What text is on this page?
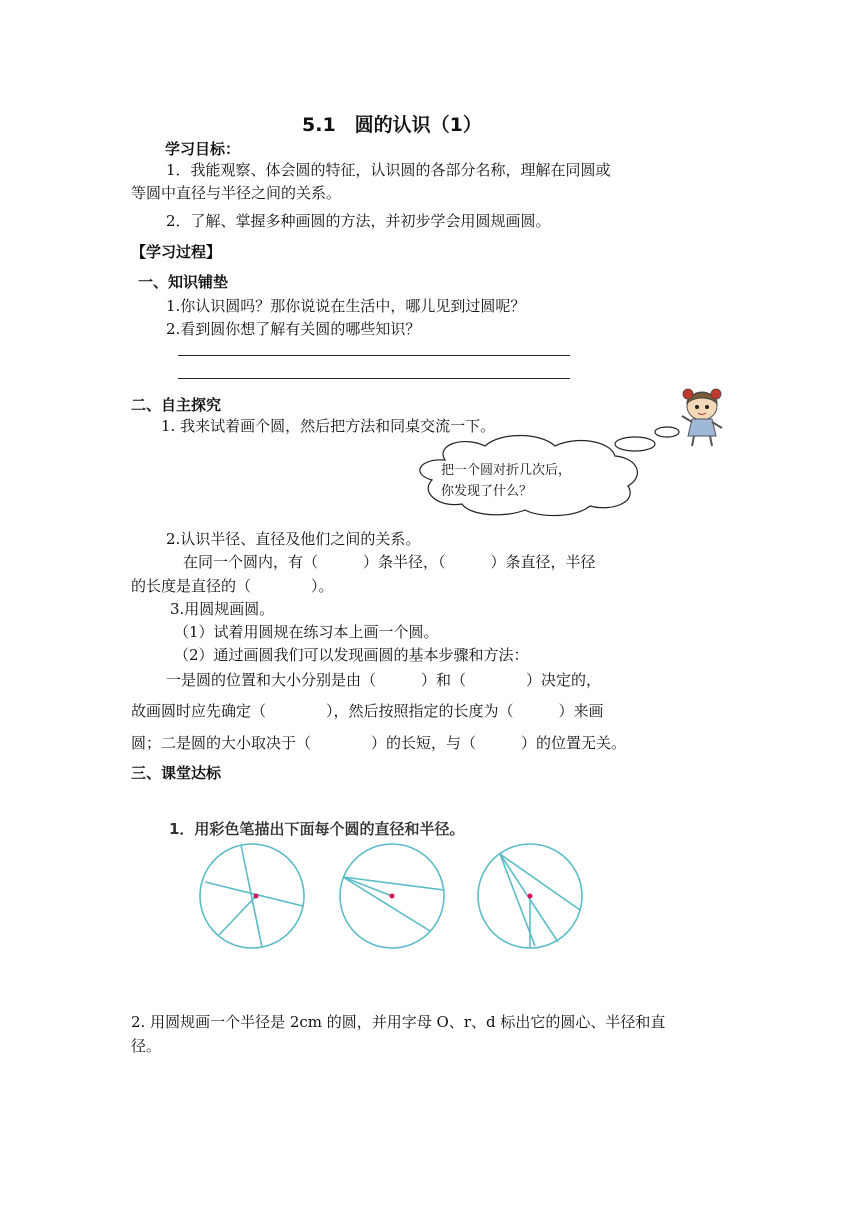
5.1　圆的认识（1）
学习目标：
1．我能观察、体会圆的特征，认识圆的各部分名称，理解在同圆或
等圆中直径与半径之间的关系。
2．了解、掌握多种画圆的方法，并初步学会用圆规画圆。
【学习过程】
一、知识铺垫
1.你认识圆吗？那你说说在生活中，哪儿见到过圆呢？
2.看到圆你想了解有关圆的哪些知识？
二、自主探究
1. 我来试着画个圆，然后把方法和同桌交流一下。
把一个圆对折几次后，
你发现了什么？
2.认识半径、直径及他们之间的关系。
在同一个圆内，有（　　　）条半径，（　　　）条直径，半径
的长度是直径的（　　　　）。
3.用圆规画圆。
（1）试着用圆规在练习本上画一个圆。
（2）通过画圆我们可以发现画圆的基本步骤和方法：
一是圆的位置和大小分别是由（　　　）和（　　　　）决定的，
故画圆时应先确定（　　　　），然后按照指定的长度为（　　　）来画
圆；二是圆的大小取决于（　　　　）的长短，与（　　　）的位置无关。
三、课堂达标
1．用彩色笔描出下面每个圆的直径和半径。
2. 用圆规画一个半径是 2cm 的圆，并用字母 O、r、d 标出它的圆心、半径和直
径。
